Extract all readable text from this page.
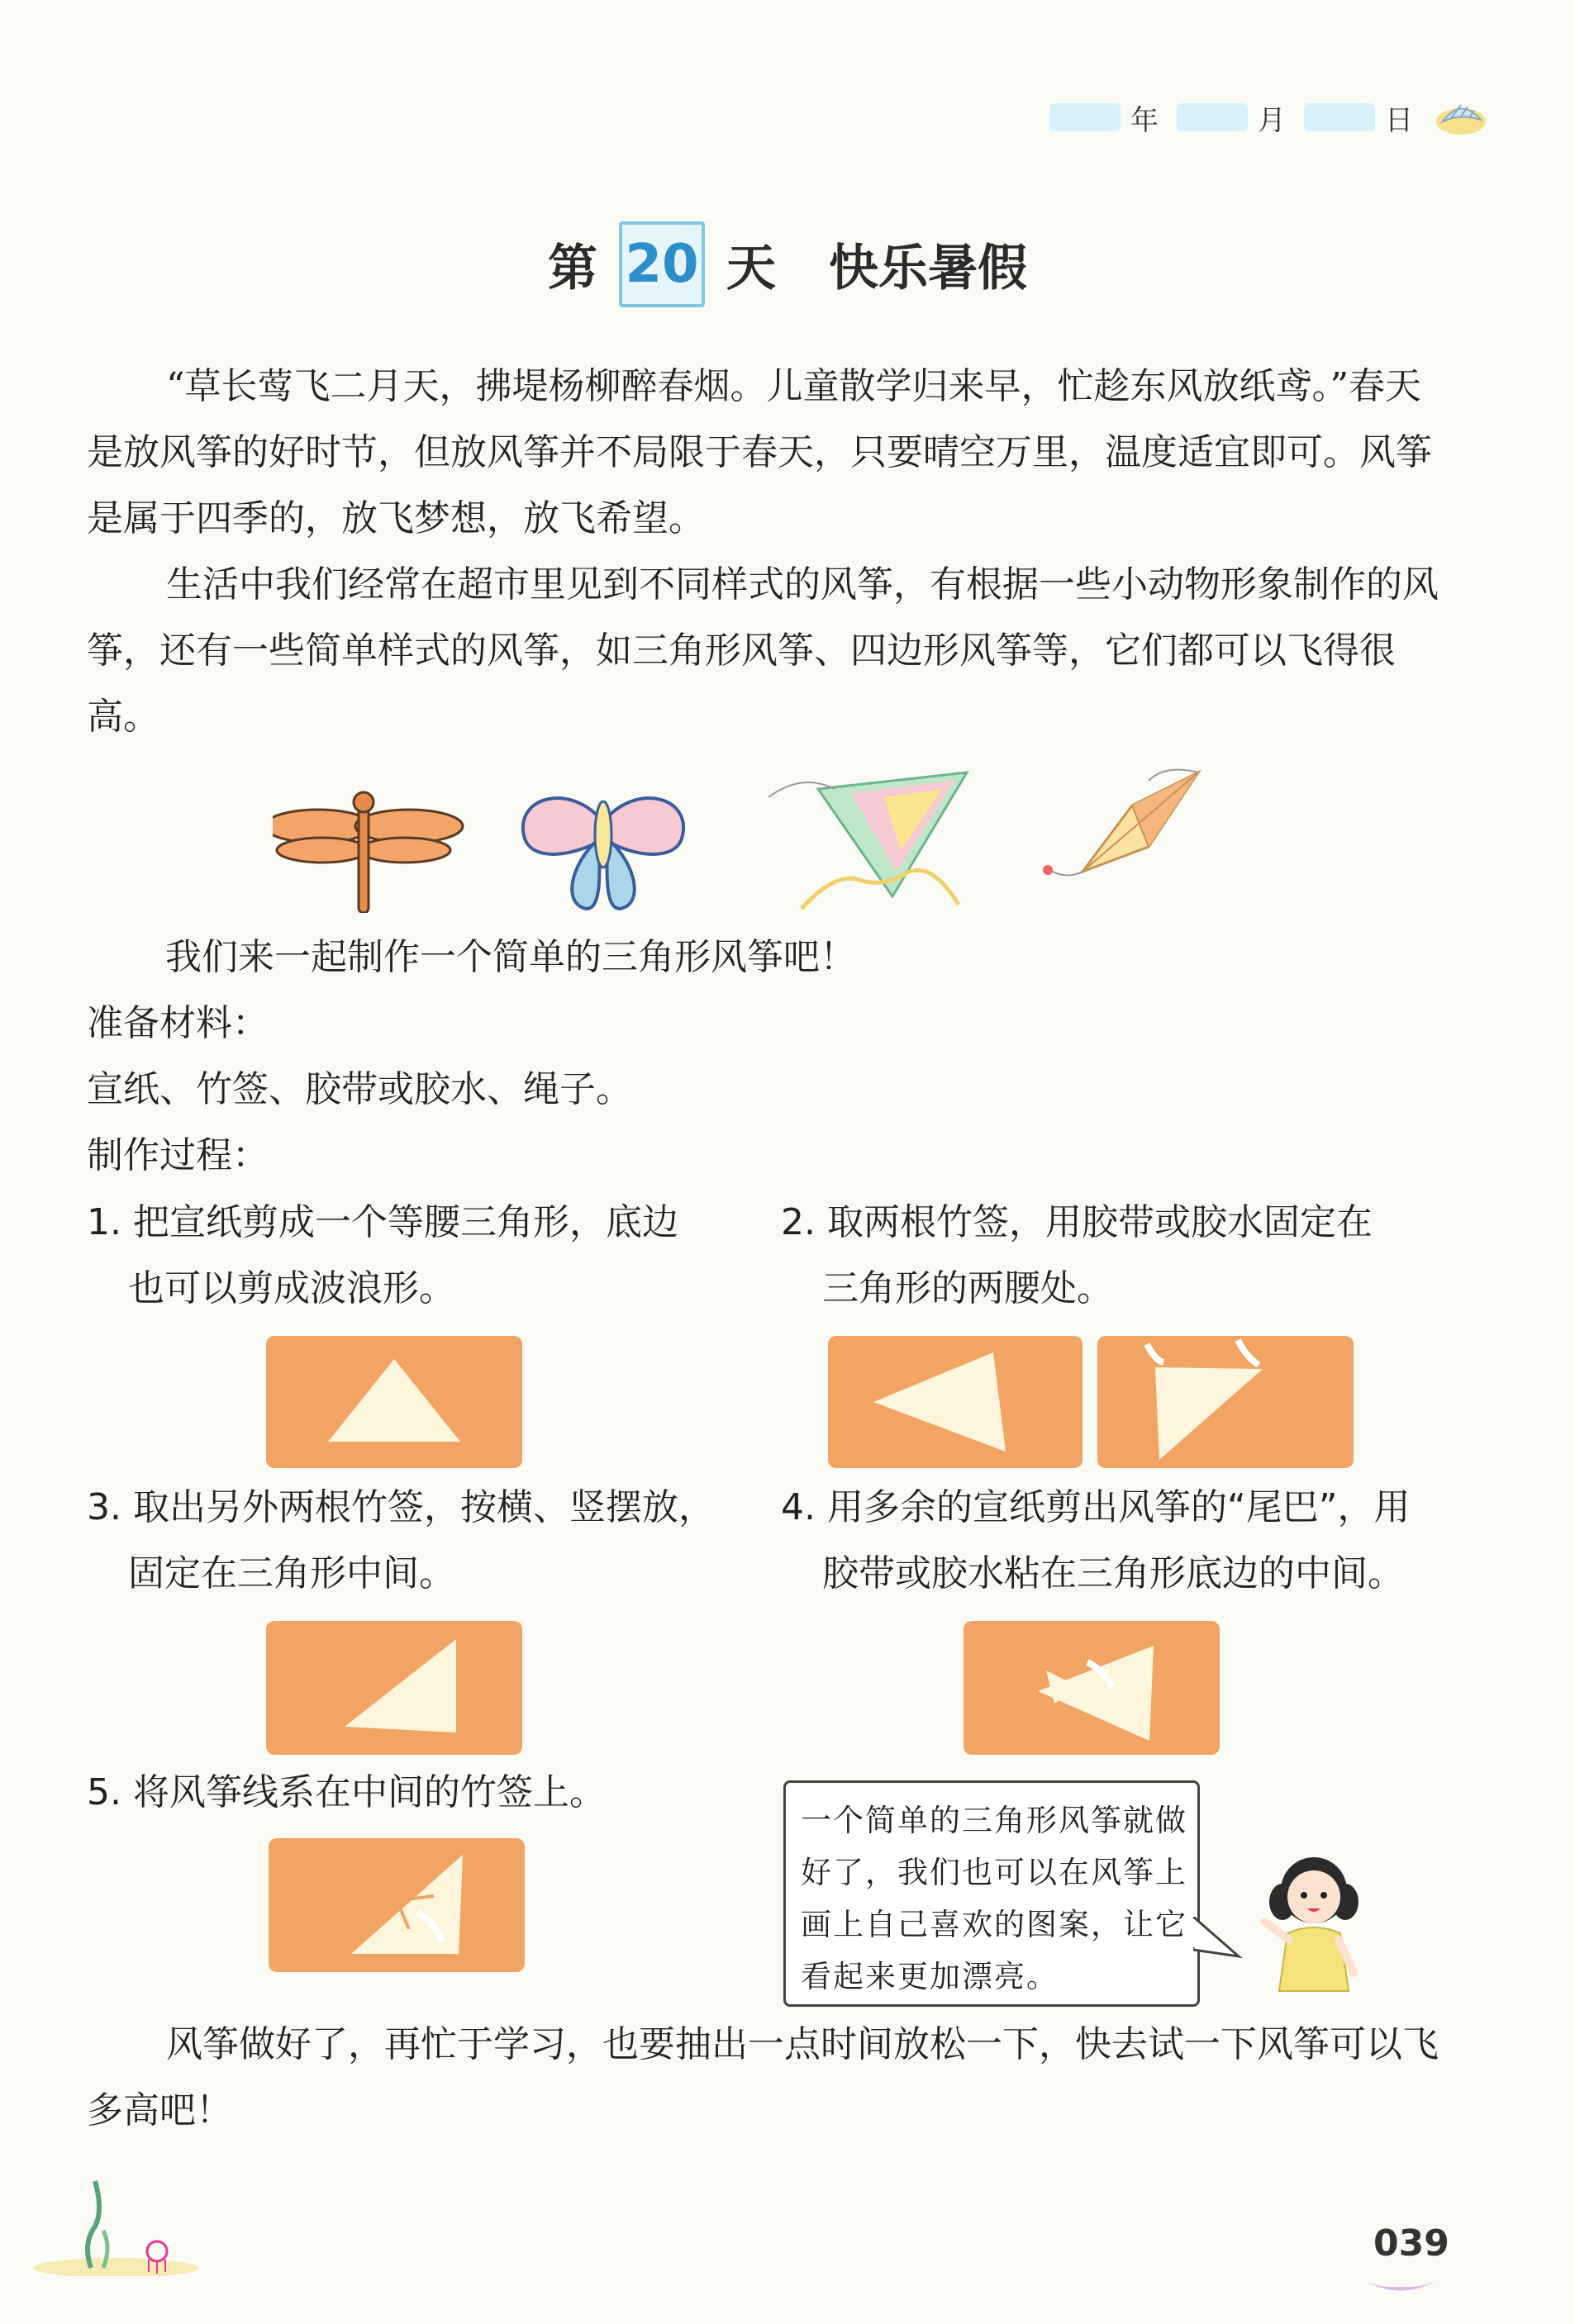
年	月	日
第 20 天 快乐暑假

“草长莺飞二月天，拂堤杨柳醉春烟。儿童散学归来早，忙趁东风放纸鸢。”春天是放风筝的好时节，但放风筝并不局限于春天，只要晴空万里，温度适宜即可。风筝是属于四季的，放飞梦想，放飞希望。

生活中我们经常在超市里见到不同样式的风筝，有根据一些小动物形象制作的风筝，还有一些简单样式的风筝，如三角形风筝、四边形风筝等，它们都可以飞得很高。

我们来一起制作一个简单的三角形风筝吧！
准备材料：
宣纸、竹签、胶带或胶水、绳子。
制作过程：
1. 把宣纸剪成一个等腰三角形，底边
也可以剪成波浪形。
2. 取两根竹签，用胶带或胶水固定在
三角形的两腰处。
3. 取出另外两根竹签，按横、竖摆放，
固定在三角形中间。
4. 用多余的宣纸剪出风筝的“尾巴”，用
胶带或胶水粘在三角形底边的中间。
5. 将风筝线系在中间的竹签上。
一个简单的三角形风筝就做
好了，我们也可以在风筝上
画上自己喜欢的图案，让它
看起来更加漂亮。

风筝做好了，再忙于学习，也要抽出一点时间放松一下，快去试一下风筝可以飞多高吧！

039
